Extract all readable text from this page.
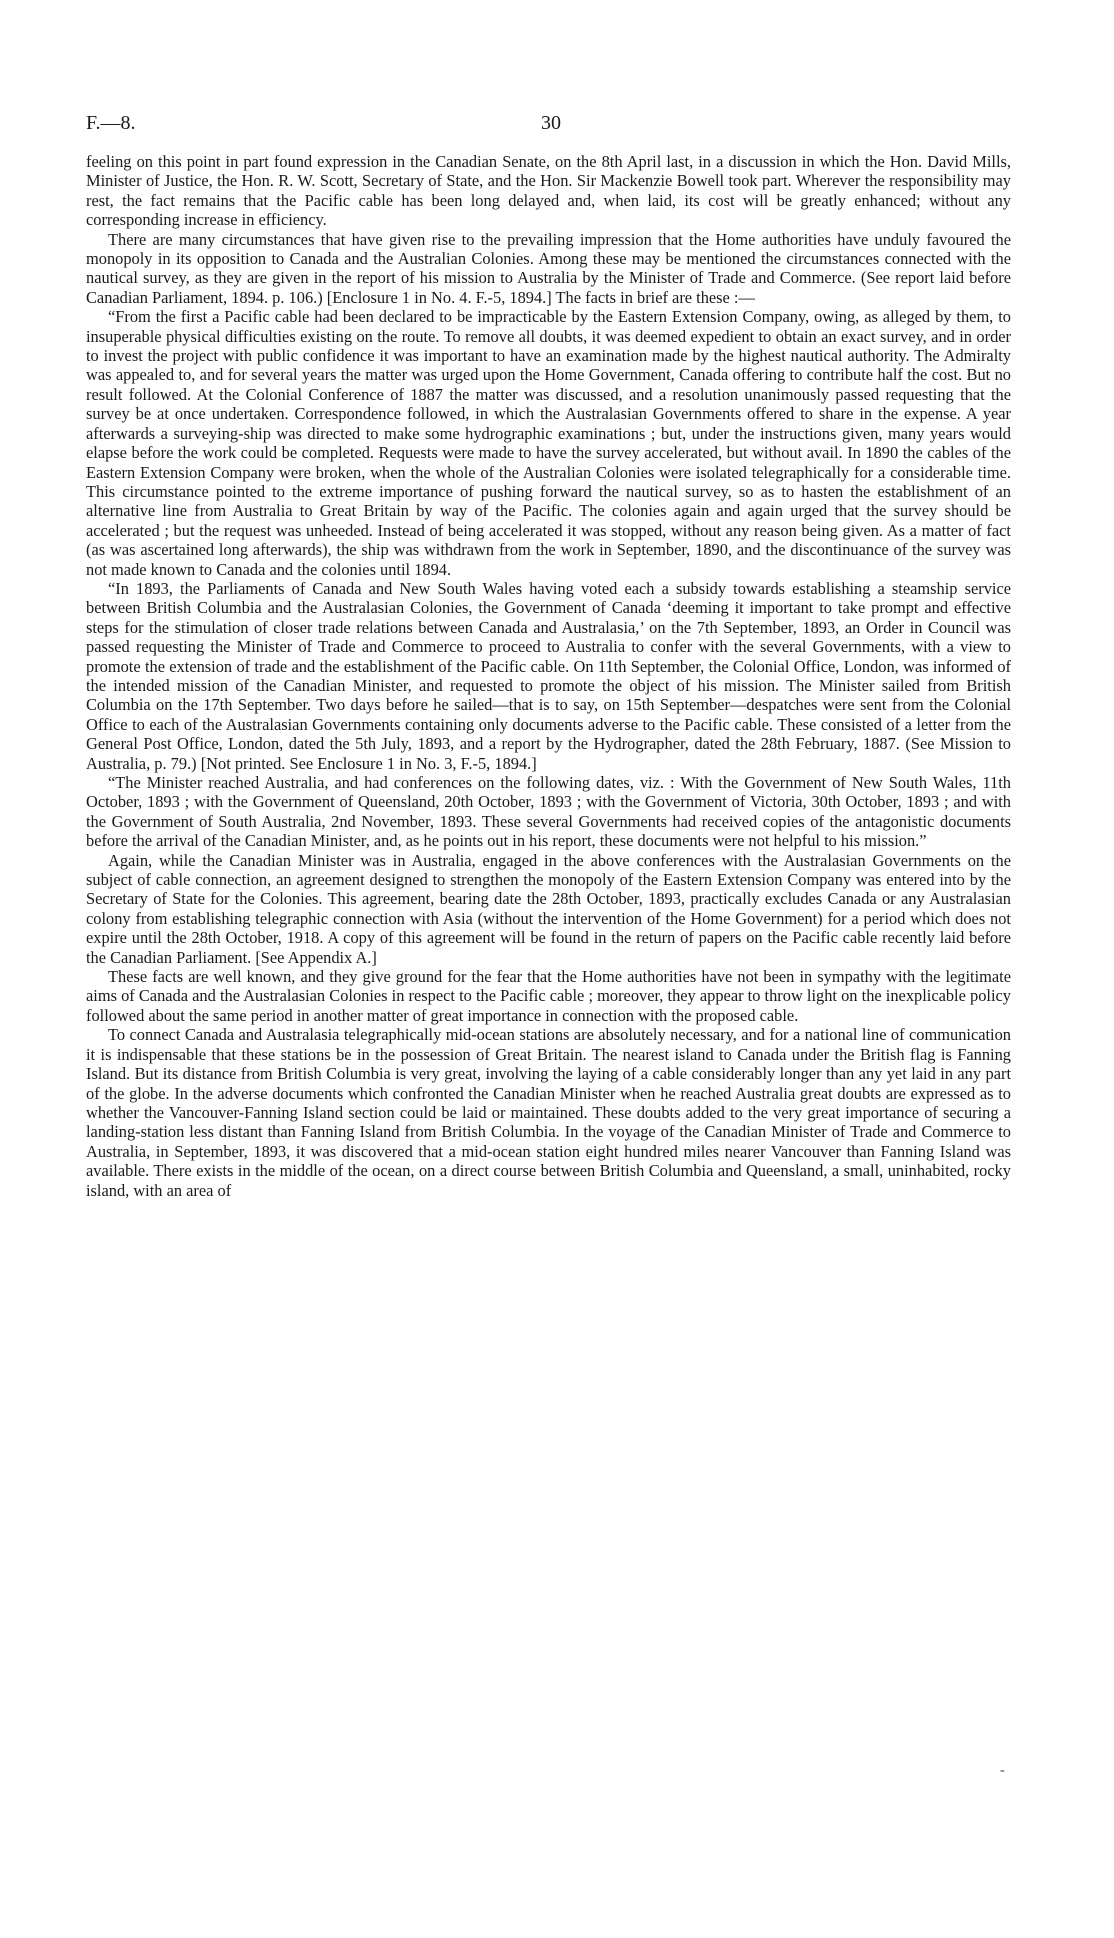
F.—8.	30

feeling on this point in part found expression in the Canadian Senate, on the 8th April last, in a discussion in which the Hon. David Mills, Minister of Justice, the Hon. R. W. Scott, Secretary of State, and the Hon. Sir Mackenzie Bowell took part. Wherever the responsibility may rest, the fact remains that the Pacific cable has been long delayed and, when laid, its cost will be greatly enhanced; without any corresponding increase in efficiency.

There are many circumstances that have given rise to the prevailing impression that the Home authorities have unduly favoured the monopoly in its opposition to Canada and the Australian Colonies. Among these may be mentioned the circumstances connected with the nautical survey, as they are given in the report of his mission to Australia by the Minister of Trade and Commerce. (See report laid before Canadian Parliament, 1894. p. 106.) [Enclosure 1 in No. 4. F.-5, 1894.] The facts in brief are these :—

“From the first a Pacific cable had been declared to be impracticable by the Eastern Extension Company, owing, as alleged by them, to insuperable physical difficulties existing on the route. To remove all doubts, it was deemed expedient to obtain an exact survey, and in order to invest the project with public confidence it was important to have an examination made by the highest nautical authority. The Admiralty was appealed to, and for several years the matter was urged upon the Home Government, Canada offering to contribute half the cost. But no result followed. At the Colonial Conference of 1887 the matter was discussed, and a resolution unanimously passed requesting that the survey be at once undertaken. Correspondence followed, in which the Australasian Governments offered to share in the expense. A year afterwards a surveying-ship was directed to make some hydrographic examinations ; but, under the instructions given, many years would elapse before the work could be completed. Requests were made to have the survey accelerated, but without avail. In 1890 the cables of the Eastern Extension Company were broken, when the whole of the Australian Colonies were isolated telegraphically for a considerable time. This circumstance pointed to the extreme importance of pushing forward the nautical survey, so as to hasten the establishment of an alternative line from Australia to Great Britain by way of the Pacific. The colonies again and again urged that the survey should be accelerated ; but the request was unheeded. Instead of being accelerated it was stopped, without any reason being given. As a matter of fact (as was ascertained long afterwards), the ship was withdrawn from the work in September, 1890, and the discontinuance of the survey was not made known to Canada and the colonies until 1894.

“In 1893, the Parliaments of Canada and New South Wales having voted each a subsidy towards establishing a steamship service between British Columbia and the Australasian Colonies, the Government of Canada ‘deeming it important to take prompt and effective steps for the stimulation of closer trade relations between Canada and Australasia,’ on the 7th September, 1893, an Order in Council was passed requesting the Minister of Trade and Commerce to proceed to Australia to confer with the several Governments, with a view to promote the extension of trade and the establishment of the Pacific cable. On 11th September, the Colonial Office, London, was informed of the intended mission of the Canadian Minister, and requested to promote the object of his mission. The Minister sailed from British Columbia on the 17th September. Two days before he sailed—that is to say, on 15th September—despatches were sent from the Colonial Office to each of the Australasian Governments containing only documents adverse to the Pacific cable. These consisted of a letter from the General Post Office, London, dated the 5th July, 1893, and a report by the Hydrographer, dated the 28th February, 1887. (See Mission to Australia, p. 79.) [Not printed. See Enclosure 1 in No. 3, F.-5, 1894.]

“The Minister reached Australia, and had conferences on the following dates, viz. : With the Government of New South Wales, 11th October, 1893 ; with the Government of Queensland, 20th October, 1893 ; with the Government of Victoria, 30th October, 1893 ; and with the Government of South Australia, 2nd November, 1893. These several Governments had received copies of the antagonistic documents before the arrival of the Canadian Minister, and, as he points out in his report, these documents were not helpful to his mission.”

Again, while the Canadian Minister was in Australia, engaged in the above conferences with the Australasian Governments on the subject of cable connection, an agreement designed to strengthen the monopoly of the Eastern Extension Company was entered into by the Secretary of State for the Colonies. This agreement, bearing date the 28th October, 1893, practically excludes Canada or any Australasian colony from establishing telegraphic connection with Asia (without the intervention of the Home Government) for a period which does not expire until the 28th October, 1918. A copy of this agreement will be found in the return of papers on the Pacific cable recently laid before the Canadian Parliament. [See Appendix A.]

These facts are well known, and they give ground for the fear that the Home authorities have not been in sympathy with the legitimate aims of Canada and the Australasian Colonies in respect to the Pacific cable ; moreover, they appear to throw light on the inexplicable policy followed about the same period in another matter of great importance in connection with the proposed cable.

To connect Canada and Australasia telegraphically mid-ocean stations are absolutely necessary, and for a national line of communication it is indispensable that these stations be in the possession of Great Britain. The nearest island to Canada under the British flag is Fanning Island. But its distance from British Columbia is very great, involving the laying of a cable considerably longer than any yet laid in any part of the globe. In the adverse documents which confronted the Canadian Minister when he reached Australia great doubts are expressed as to whether the Vancouver-Fanning Island section could be laid or maintained. These doubts added to the very great importance of securing a landing-station less distant than Fanning Island from British Columbia. In the voyage of the Canadian Minister of Trade and Commerce to Australia, in September, 1893, it was discovered that a mid-ocean station eight hundred miles nearer Vancouver than Fanning Island was available. There exists in the middle of the ocean, on a direct course between British Columbia and Queensland, a small, uninhabited, rocky island, with an area of

-
